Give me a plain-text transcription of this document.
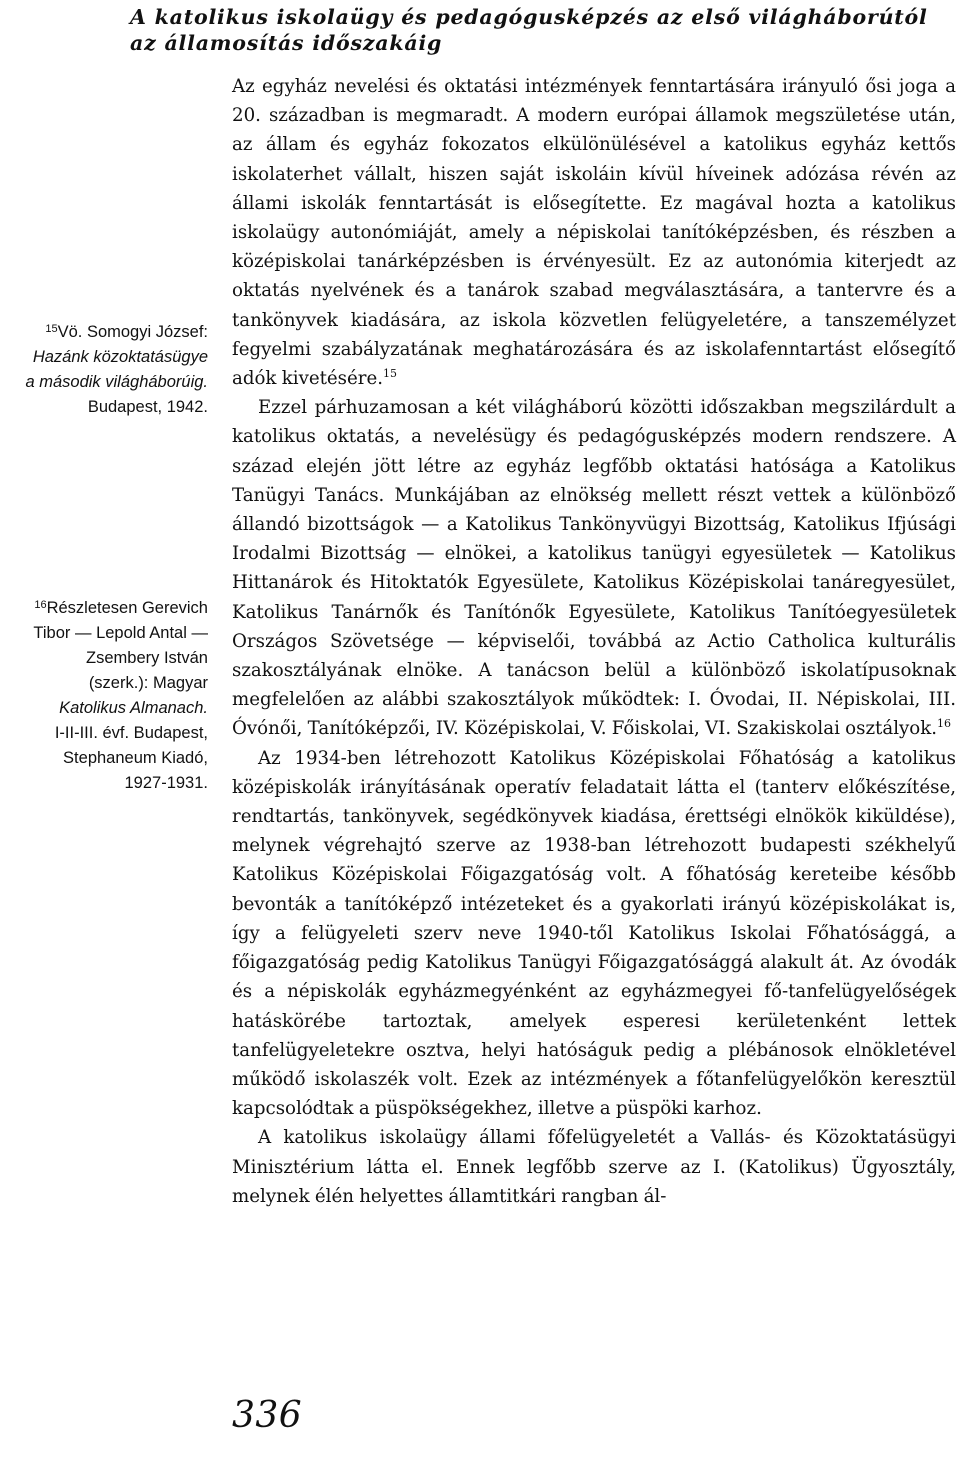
A katolikus iskolaügy és pedagógusképzés az első világháborútól az államosítás időszakáig
$^{15}$Vö. Somogyi József:
Hazánk közoktatásügye
a második világháborúig.
Budapest, 1942.
$^{16}$Részletesen Gerevich
Tibor — Lepold Antal —
Zsembery István
(szerk.): Magyar
Katolikus Almanach.
I-II-III. évf. Budapest,
Stephaneum Kiadó,
1927-1931.

Az egyház nevelési és oktatási intézmények fenntartására irányuló ősi joga a 20. században is megmaradt. A modern európai államok megszületése után, az állam és egyház fokozatos elkülönülésével a katolikus egyház kettős iskolaterhet vállalt, hiszen saját iskoláin kívül híveinek adózása révén az állami iskolák fenntartását is elősegítette. Ez magával hozta a katolikus iskolaügy autonómiáját, amely a népiskolai tanítóképzésben, és részben a középiskolai tanárképzésben is érvényesült. Ez az autonómia kiterjedt az oktatás nyelvének és a tanárok szabad megválasztására, a tantervre és a tankönyvek kiadására, az iskola közvetlen felügyeletére, a tanszemélyzet fegyelmi szabályzatának meghatározására és az iskolafenntartást elősegítő adók kivetésére.$^{15}$

Ezzel párhuzamosan a két világháború közötti időszakban megszilárdult a katolikus oktatás, a nevelésügy és pedagógusképzés modern rendszere. A század elején jött létre az egyház legfőbb oktatási hatósága a Katolikus Tanügyi Tanács. Munkájában az elnökség mellett részt vettek a különböző állandó bizottságok — a Katolikus Tankönyvügyi Bizottság, Katolikus Ifjúsági Irodalmi Bizottság — elnökei, a katolikus tanügyi egyesületek — Katolikus Hittanárok és Hitoktatók Egyesülete, Katolikus Középiskolai tanáregyesület, Katolikus Tanárnők és Tanítónők Egyesülete, Katolikus Tanítóegyesületek Országos Szövetsége — képviselői, továbbá az Actio Catholica kulturális szakosztályának elnöke. A tanácson belül a különböző iskolatípusoknak megfelelően az alábbi szakosztályok működtek: I. Óvodai, II. Népiskolai, III. Óvónői, Tanítóképzői, IV. Középiskolai, V. Főiskolai, VI. Szakiskolai osztályok.$^{16}$

Az 1934-ben létrehozott Katolikus Középiskolai Főhatóság a katolikus középiskolák irányításának operatív feladatait látta el (tanterv előkészítése, rendtartás, tankönyvek, segédkönyvek kiadása, érettségi elnökök kiküldése), melynek végrehajtó szerve az 1938-ban létrehozott budapesti székhelyű Katolikus Középiskolai Főigazgatóság volt. A főhatóság kereteibe később bevonták a tanítóképző intézeteket és a gyakorlati irányú középiskolákat is, így a felügyeleti szerv neve 1940-től Katolikus Iskolai Főhatósággá, a főigazgatóság pedig Katolikus Tanügyi Főigazgatósággá alakult át. Az óvodák és a népiskolák egyházmegyénként az egyházmegyei fő-tanfelügyelőségek hatáskörébe tartoztak, amelyek esperesi kerületenként lettek tanfelügyeletekre osztva, helyi hatóságuk pedig a plébánosok elnökletével működő iskolaszék volt. Ezek az intézmények a főtanfelügyelőkön keresztül kapcsolódtak a püspökségekhez, illetve a püspöki karhoz.

A katolikus iskolaügy állami főfelügyeletét a Vallás- és Közoktatásügyi Minisztérium látta el. Ennek legfőbb szerve az I. (Katolikus) Ügyosztály, melynek élén helyettes államtitkári rangban ál-

336
